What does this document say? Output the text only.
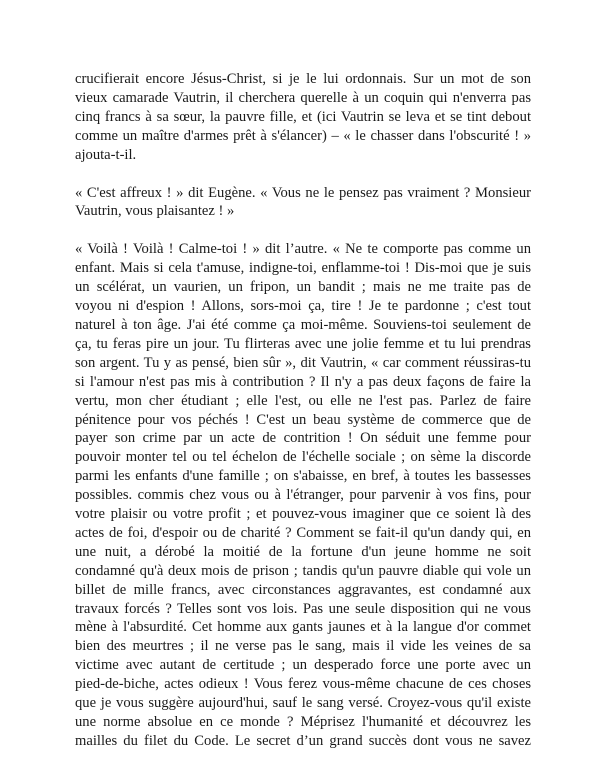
crucifierait encore Jésus-Christ, si je le lui ordonnais. Sur un mot de son
vieux camarade Vautrin, il cherchera querelle à un coquin qui n'enverra pas
cinq francs à sa sœur, la pauvre fille, et (ici Vautrin se leva et se tint debout
comme un maître d'armes prêt à s'élancer) – « le chasser dans l'obscurité ! »
ajouta-t-il.

« C'est affreux ! » dit Eugène. « Vous ne le pensez pas vraiment ? Monsieur
Vautrin, vous plaisantez ! »

« Voilà ! Voilà ! Calme-toi ! » dit l’autre. « Ne te comporte pas comme un
enfant. Mais si cela t'amuse, indigne-toi, enflamme-toi ! Dis-moi que je suis
un scélérat, un vaurien, un fripon, un bandit ; mais ne me traite pas de
voyou ni d'espion ! Allons, sors-moi ça, tire ! Je te pardonne ; c'est tout
naturel à ton âge. J'ai été comme ça moi-même. Souviens-toi seulement de
ça, tu feras pire un jour. Tu flirteras avec une jolie femme et tu lui prendras
son argent. Tu y as pensé, bien sûr », dit Vautrin, « car comment réussiras-tu
si l'amour n'est pas mis à contribution ? Il n'y a pas deux façons de faire la
vertu, mon cher étudiant ; elle l'est, ou elle ne l'est pas. Parlez de faire
pénitence pour vos péchés ! C'est un beau système de commerce que de
payer son crime par un acte de contrition ! On séduit une femme pour
pouvoir monter tel ou tel échelon de l'échelle sociale ; on sème la discorde
parmi les enfants d'une famille ; on s'abaisse, en bref, à toutes les bassesses
possibles. commis chez vous ou à l'étranger, pour parvenir à vos fins, pour
votre plaisir ou votre profit ; et pouvez-vous imaginer que ce soient là des
actes de foi, d'espoir ou de charité ? Comment se fait-il qu'un dandy qui, en
une nuit, a dérobé la moitié de la fortune d'un jeune homme ne soit
condamné qu'à deux mois de prison ; tandis qu'un pauvre diable qui vole un
billet de mille francs, avec circonstances aggravantes, est condamné aux
travaux forcés ? Telles sont vos lois. Pas une seule disposition qui ne vous
mène à l'absurdité. Cet homme aux gants jaunes et à la langue d'or commet
bien des meurtres ; il ne verse pas le sang, mais il vide les veines de sa
victime avec autant de certitude ; un desperado force une porte avec un
pied-de-biche, actes odieux ! Vous ferez vous-même chacune de ces choses
que je vous suggère aujourd'hui, sauf le sang versé. Croyez-vous qu'il existe
une norme absolue en ce monde ? Méprisez l'humanité et découvrez les
mailles du filet du Code. Le secret d’un grand succès dont vous ne savez
